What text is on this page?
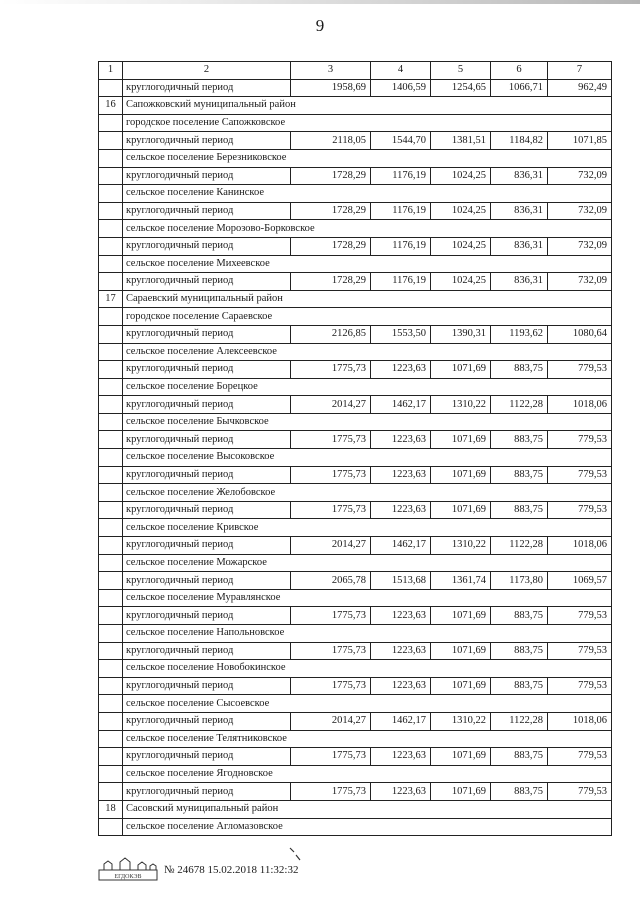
9
1	2	3	4	5	6	7
	круглогодичный период	1958,69	1406,59	1254,65	1066,71	962,49
16	Сапожковский муниципальный район					
	городское поселение Сапожковское					
	круглогодичный период	2118,05	1544,70	1381,51	1184,82	1071,85
	сельское поселение Березниковское					
	круглогодичный период	1728,29	1176,19	1024,25	836,31	732,09
	сельское поселение Канинское					
	круглогодичный период	1728,29	1176,19	1024,25	836,31	732,09
	сельское поселение Морозово-Борковское					
	круглогодичный период	1728,29	1176,19	1024,25	836,31	732,09
	сельское поселение Михеевское					
	круглогодичный период	1728,29	1176,19	1024,25	836,31	732,09
17	Сараевский муниципальный район					
	городское поселение Сараевское					
	круглогодичный период	2126,85	1553,50	1390,31	1193,62	1080,64
	сельское поселение Алексеевское					
	круглогодичный период	1775,73	1223,63	1071,69	883,75	779,53
	сельское поселение Борецкое					
	круглогодичный период	2014,27	1462,17	1310,22	1122,28	1018,06
	сельское поселение Бычковское					
	круглогодичный период	1775,73	1223,63	1071,69	883,75	779,53
	сельское поселение Высоковское					
	круглогодичный период	1775,73	1223,63	1071,69	883,75	779,53
	сельское поселение Желобовское					
	круглогодичный период	1775,73	1223,63	1071,69	883,75	779,53
	сельское поселение Кривское					
	круглогодичный период	2014,27	1462,17	1310,22	1122,28	1018,06
	сельское поселение Можарское					
	круглогодичный период	2065,78	1513,68	1361,74	1173,80	1069,57
	сельское поселение Муравлянское					
	круглогодичный период	1775,73	1223,63	1071,69	883,75	779,53
	сельское поселение Напольновское					
	круглогодичный период	1775,73	1223,63	1071,69	883,75	779,53
	сельское поселение Новобокинское					
	круглогодичный период	1775,73	1223,63	1071,69	883,75	779,53
	сельское поселение Сысоевское					
	круглогодичный период	2014,27	1462,17	1310,22	1122,28	1018,06
	сельское поселение Телятниковское					
	круглогодичный период	1775,73	1223,63	1071,69	883,75	779,53
	сельское поселение Ягодновское					
	круглогодичный период	1775,73	1223,63	1071,69	883,75	779,53
18	Сасовский муниципальный район					
	сельское поселение Агломазовское					
ЕГДОКЭВ
№ 24678 15.02.2018 11:32:32
